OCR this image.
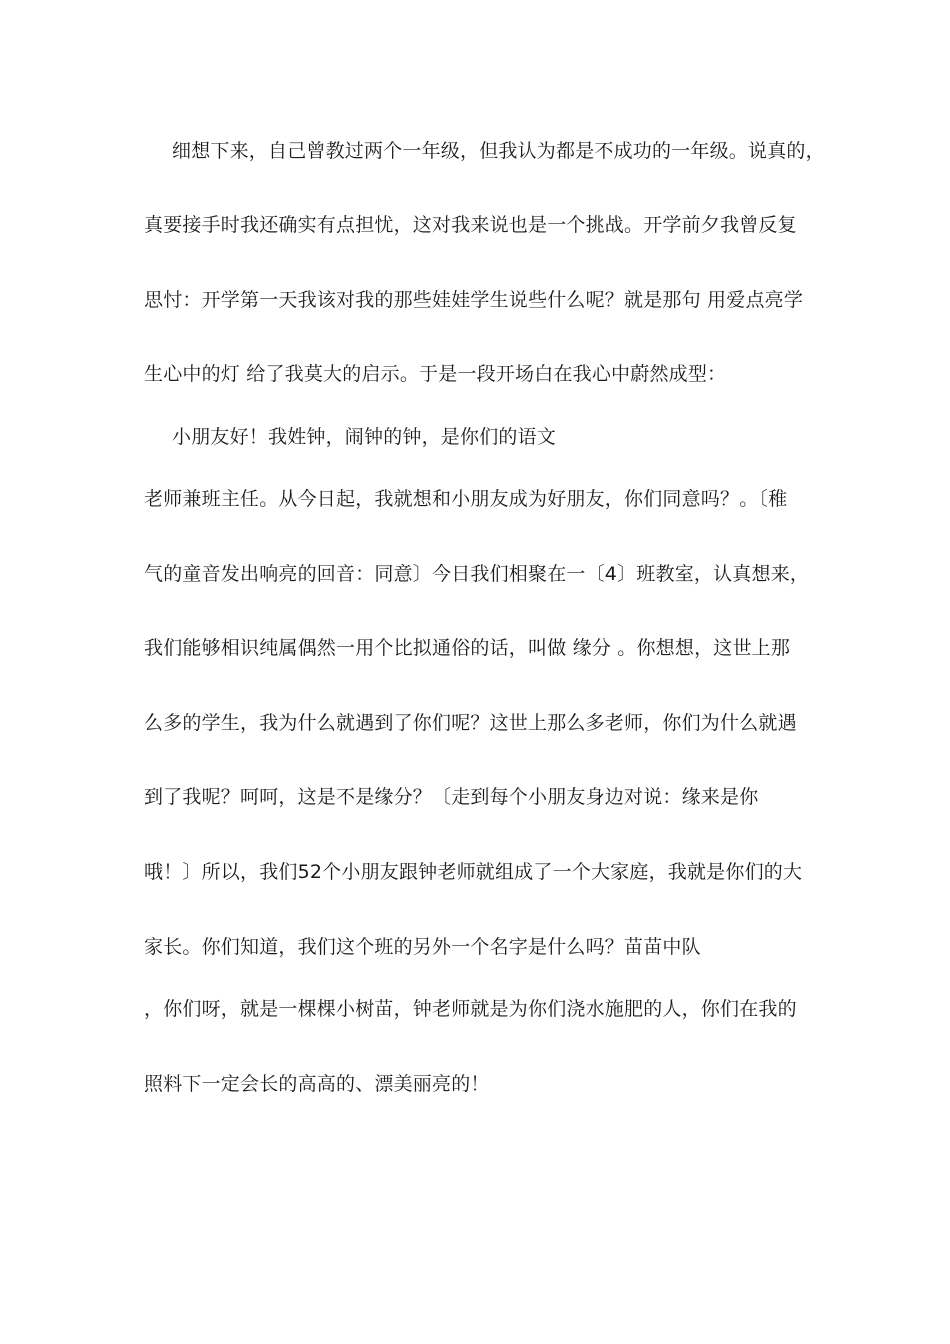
细想下来，自己曾教过两个一年级，但我认为都是不成功的一年级。说真的，
真要接手时我还确实有点担忧，这对我来说也是一个挑战。开学前夕我曾反复
思忖：开学第一天我该对我的那些娃娃学生说些什么呢？就是那句 用爱点亮学
生心中的灯 给了我莫大的启示。于是一段开场白在我心中蔚然成型：
小朋友好！我姓钟，闹钟的钟，是你们的语文
老师兼班主任。从今日起，我就想和小朋友成为好朋友，你们同意吗？。〔稚
气的童音发出响亮的回音：同意〕今日我们相聚在一〔4〕班教室，认真想来，
我们能够相识纯属偶然一用个比拟通俗的话，叫做 缘分 。你想想，这世上那
么多的学生，我为什么就遇到了你们呢？这世上那么多老师，你们为什么就遇
到了我呢？呵呵，这是不是缘分？〔走到每个小朋友身边对说：缘来是你
哦！〕所以，我们52个小朋友跟钟老师就组成了一个大家庭，我就是你们的大
家长。你们知道，我们这个班的另外一个名字是什么吗？苗苗中队
，你们呀，就是一棵棵小树苗，钟老师就是为你们浇水施肥的人，你们在我的
照料下一定会长的高高的、漂美丽亮的！
